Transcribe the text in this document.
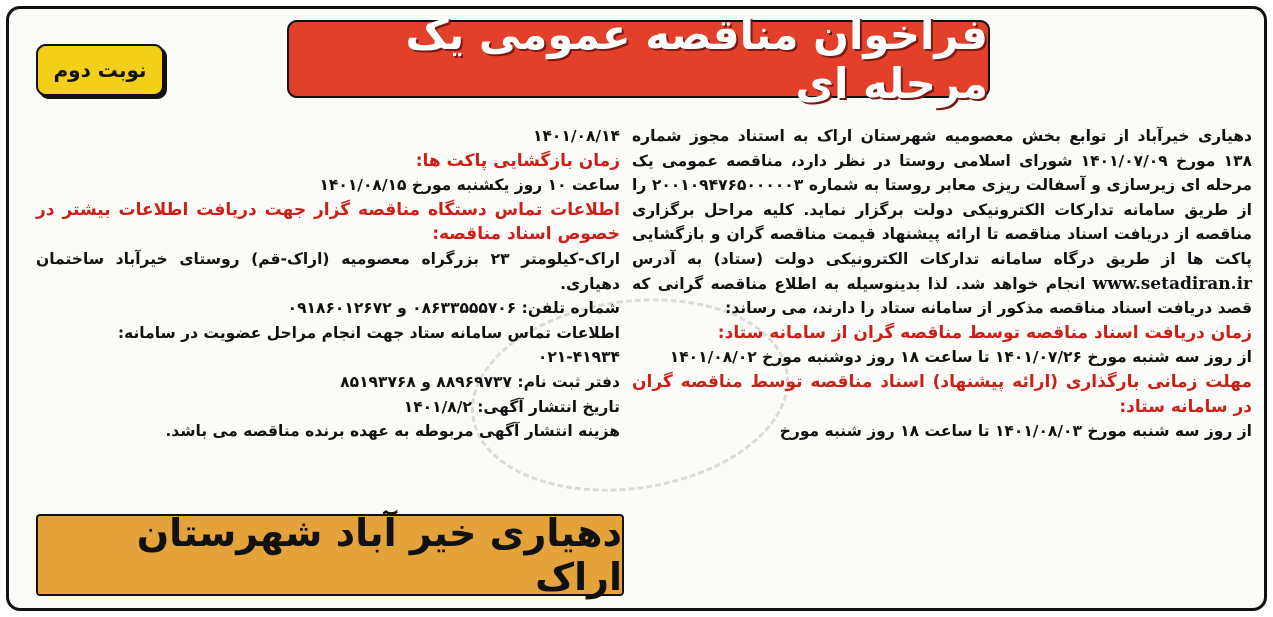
فراخوان مناقصه عمومی یک مرحله ای
نوبت دوم

دهیاری خیرآباد از توابع بخش معصومیه شهرستان اراک به استناد مجوز شماره ۱۳۸ مورخ ۱۴۰۱/۰۷/۰۹ شورای اسلامی روستا در نظر دارد، مناقصه عمومی یک مرحله ای زیرسازی و آسفالت ریزی معابر روستا به شماره ۲۰۰۱۰۹۴۷۶۵۰۰۰۰۰۳ را از طریق سامانه تدارکات الکترونیکی دولت برگزار نماید. کلیه مراحل برگزاری مناقصه از دریافت اسناد مناقصه تا ارائه پیشنهاد قیمت مناقصه گران و بازگشایی پاکت ها از طریق درگاه سامانه تدارکات الکترونیکی دولت (ستاد) به آدرس www.setadiran.ir انجام خواهد شد. لذا بدینوسیله به اطلاع مناقصه گرانی که قصد دریافت اسناد مناقصه مذکور از سامانه ستاد را دارند، می رساند:

زمان دریافت اسناد مناقصه توسط مناقصه گران از سامانه ستاد:

از روز سه شنبه مورخ ۱۴۰۱/۰۷/۲۶ تا ساعت ۱۸ روز دوشنبه مورخ ۱۴۰۱/۰۸/۰۲

مهلت زمانی بارگذاری (ارائه پیشنهاد) اسناد مناقصه توسط مناقصه گران در سامانه ستاد:

از روز سه شنبه مورخ ۱۴۰۱/۰۸/۰۳ تا ساعت ۱۸ روز شنبه مورخ

۱۴۰۱/۰۸/۱۴

زمان بازگشایی پاکت ها:

ساعت ۱۰ روز یکشنبه مورخ ۱۴۰۱/۰۸/۱۵

اطلاعات تماس دستگاه مناقصه گزار جهت دریافت اطلاعات بیشتر در خصوص اسناد مناقصه:

اراک-کیلومتر ۲۳ بزرگراه معصومیه (اراک-قم) روستای خیرآباد ساختمان دهیاری.

شماره تلفن: ۰۸۶۳۳۵۵۵۷۰۶ و ۰۹۱۸۶۰۱۲۶۷۲

اطلاعات تماس سامانه ستاد جهت انجام مراحل عضویت در سامانه:

۰۲۱-۴۱۹۳۴

دفتر ثبت نام: ۸۸۹۶۹۷۳۷ و ۸۵۱۹۳۷۶۸

تاریخ انتشار آگهی: ۱۴۰۱/۸/۲

هزینه انتشار آگهی مربوطه به عهده برنده مناقصه می باشد.

دهیاری خیر آباد شهرستان اراک
